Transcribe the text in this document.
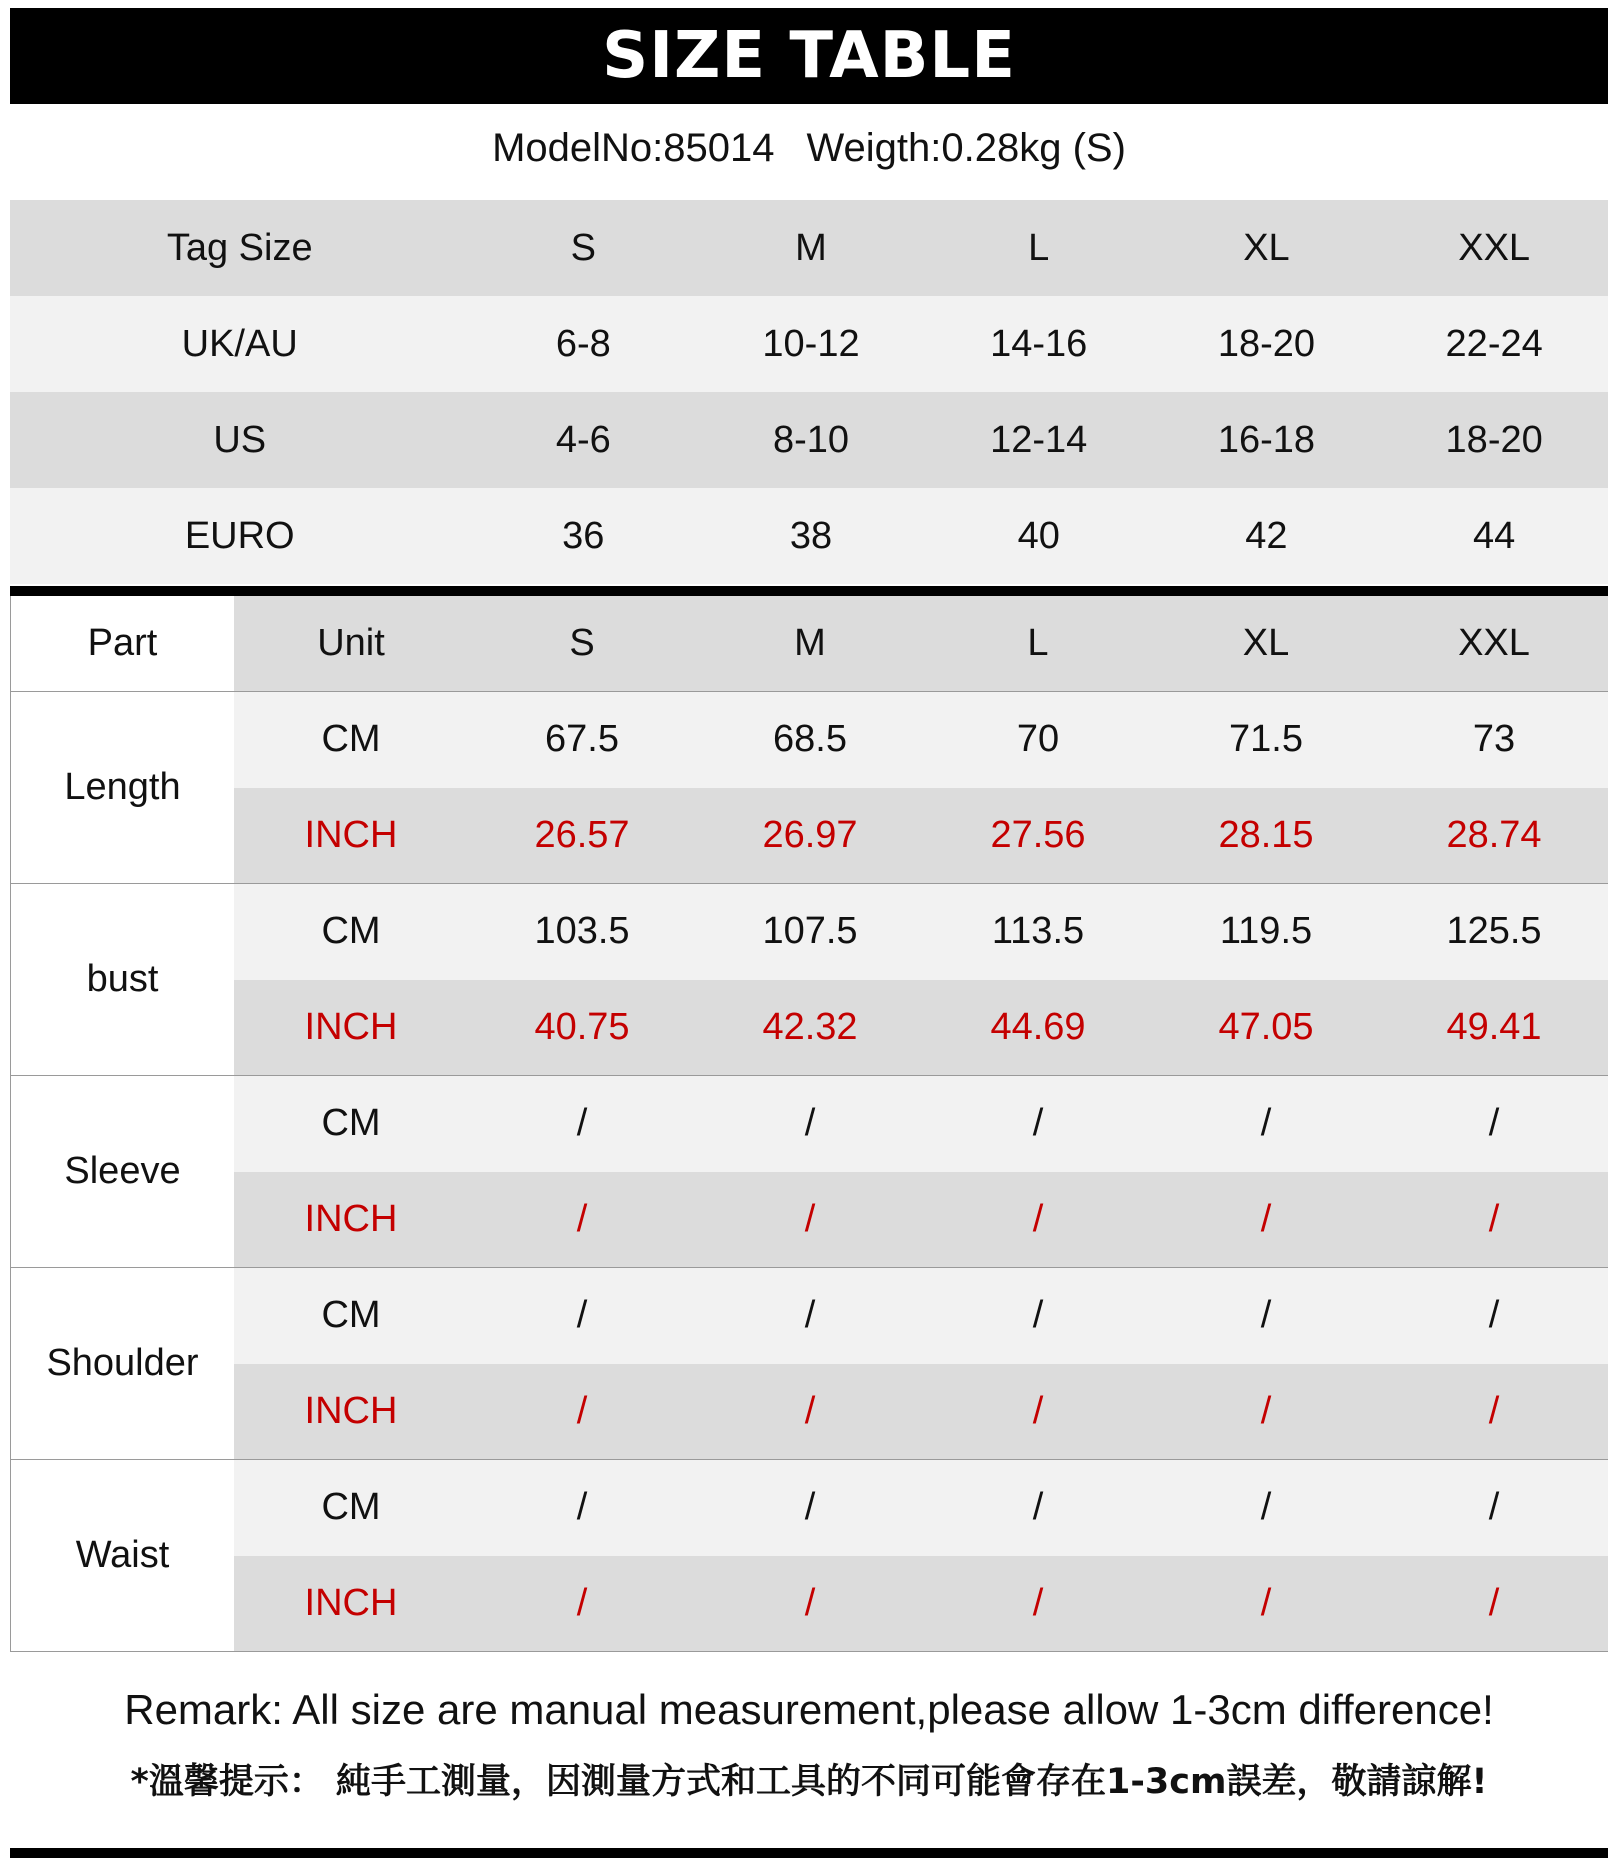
SIZE TABLE
ModelNo:85014 Weigth:0.28kg (S)
Tag Size	S	M	L	XL	XXL
UK/AU	6-8	10-12	14-16	18-20	22-24
US	4-6	8-10	12-14	16-18	18-20
EURO	36	38	40	42	44
Part	Unit	S	M	L	XL	XXL
Length
CM	67.5	68.5	70	71.5	73
INCH	26.57	26.97	27.56	28.15	28.74
bust
CM	103.5	107.5	113.5	119.5	125.5
INCH	40.75	42.32	44.69	47.05	49.41
Sleeve
CM	/	/	/	/	/
INCH	/	/	/	/	/
Shoulder
CM	/	/	/	/	/
INCH	/	/	/	/	/
Waist
CM	/	/	/	/	/
INCH	/	/	/	/	/
Remark: All size are manual measurement,please allow 1-3cm difference!
*溫馨提示： 純手工測量，因測量方式和工具的不同可能會存在1-3cm誤差，敬請諒解!
